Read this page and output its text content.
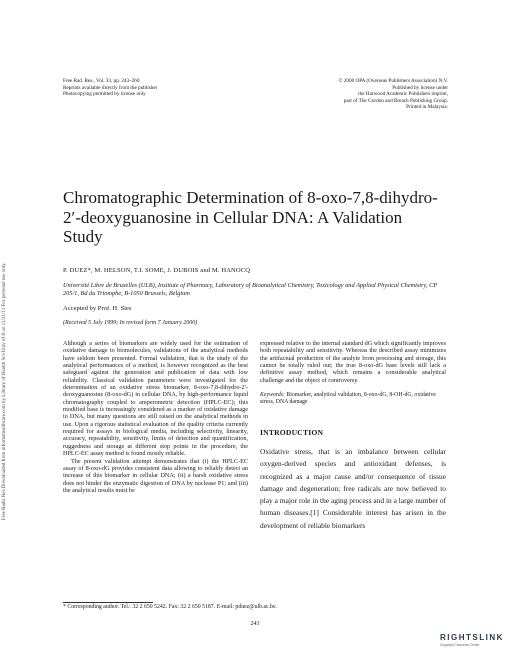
Free Radic Res Downloaded from informahealthcare.com by Library of Health Sci-Univ of Il on 11/21/11 For personal use only.
Free Rad. Res., Vol. 33, pp. 243–260
Reprints available directly from the publisher
Photocopying permitted by license only
© 2000 OPA (Overseas Publishers Association) N.V.
Published by license under
the Harwood Academic Publishers imprint,
part of The Gordon and Breach Publishing Group.
Printed in Malaysia.
Chromatographic Determination of 8-oxo-7,8-dihydro-2′-deoxyguanosine in Cellular DNA: A Validation Study
P. DUEZ*, M. HELSON, T.I. SOME, J. DUBOIS and M. HANOCQ
Université Libre de Bruxelles (ULB), Institute of Pharmacy, Laboratory of Bioanalytical Chemistry, Toxicology and Applied Physical Chemistry, CP 205/1, Bd du Triomphe, B-1050 Brussels, Belgium
Accepted by Prof. H. Sies
(Received 5 July 1999; In revised form 7 January 2000)

Although a series of biomarkers are widely used for the estimation of oxidative damage to biomolecules, validations of the analytical methods have seldom been presented. Formal validation, that is the study of the analytical performances of a method, is however recognized as the best safeguard against the generation and publication of data with low reliability. Classical validation parameters were investigated for the determination of an oxidative stress biomarker, 8-oxo-7,8-dihydro-2′-deoxyguanosine (8-oxo-dG) in cellular DNA, by high-performance liquid chromatography coupled to amperometric detection (HPLC-EC); this modified base is increasingly considered as a marker of oxidative damage to DNA, but many questions are still raised on the analytical methods in use. Upon a rigorous statistical evaluation of the quality criteria currently required for assays in biological media, including selectivity, linearity, accuracy, repeatability, sensitivity, limits of detection and quantification, ruggedness and storage at different stop points in the procedure, the HPLC-EC assay method is found mostly reliable.

The present validation attempt demonstrates that (i) the HPLC-EC assay of 8-oxo-dG provides consistent data allowing to reliably detect an increase of this biomarker in cellular DNA; (ii) a harsh oxidative stress does not hinder the enzymatic digestion of DNA by nuclease P1; and (iii) the analytical results must be

expressed relative to the internal standard dG which significantly improves both repeatability and sensitivity. Whereas the described assay minimizes the artifactual production of the analyte from processing and storage, this cannot be totally ruled out; the true 8-oxo-dG base levels still lack a definitive assay method, which remains a considerable analytical challenge and the object of controversy.

Keywords: Biomarker, analytical validation, 8-oxo-dG, 8-OH-dG, oxidative stress, DNA damage
INTRODUCTION
Oxidative stress, that is an imbalance between cellular oxygen-derived species and antioxidant defenses, is recognized as a major cause and/or consequence of tissue damage and degeneration; free radicals are now believed to play a major role in the aging process and in a large number of human diseases.[1] Considerable interest has arisen in the development of reliable biomarkers
* Corresponding author. Tel.: 32 2 650 5242. Fax: 32 2 650 5187. E-mail: pduez@ulb.ac.be.
243
RIGHTSLINK
Copyright Clearance Center
